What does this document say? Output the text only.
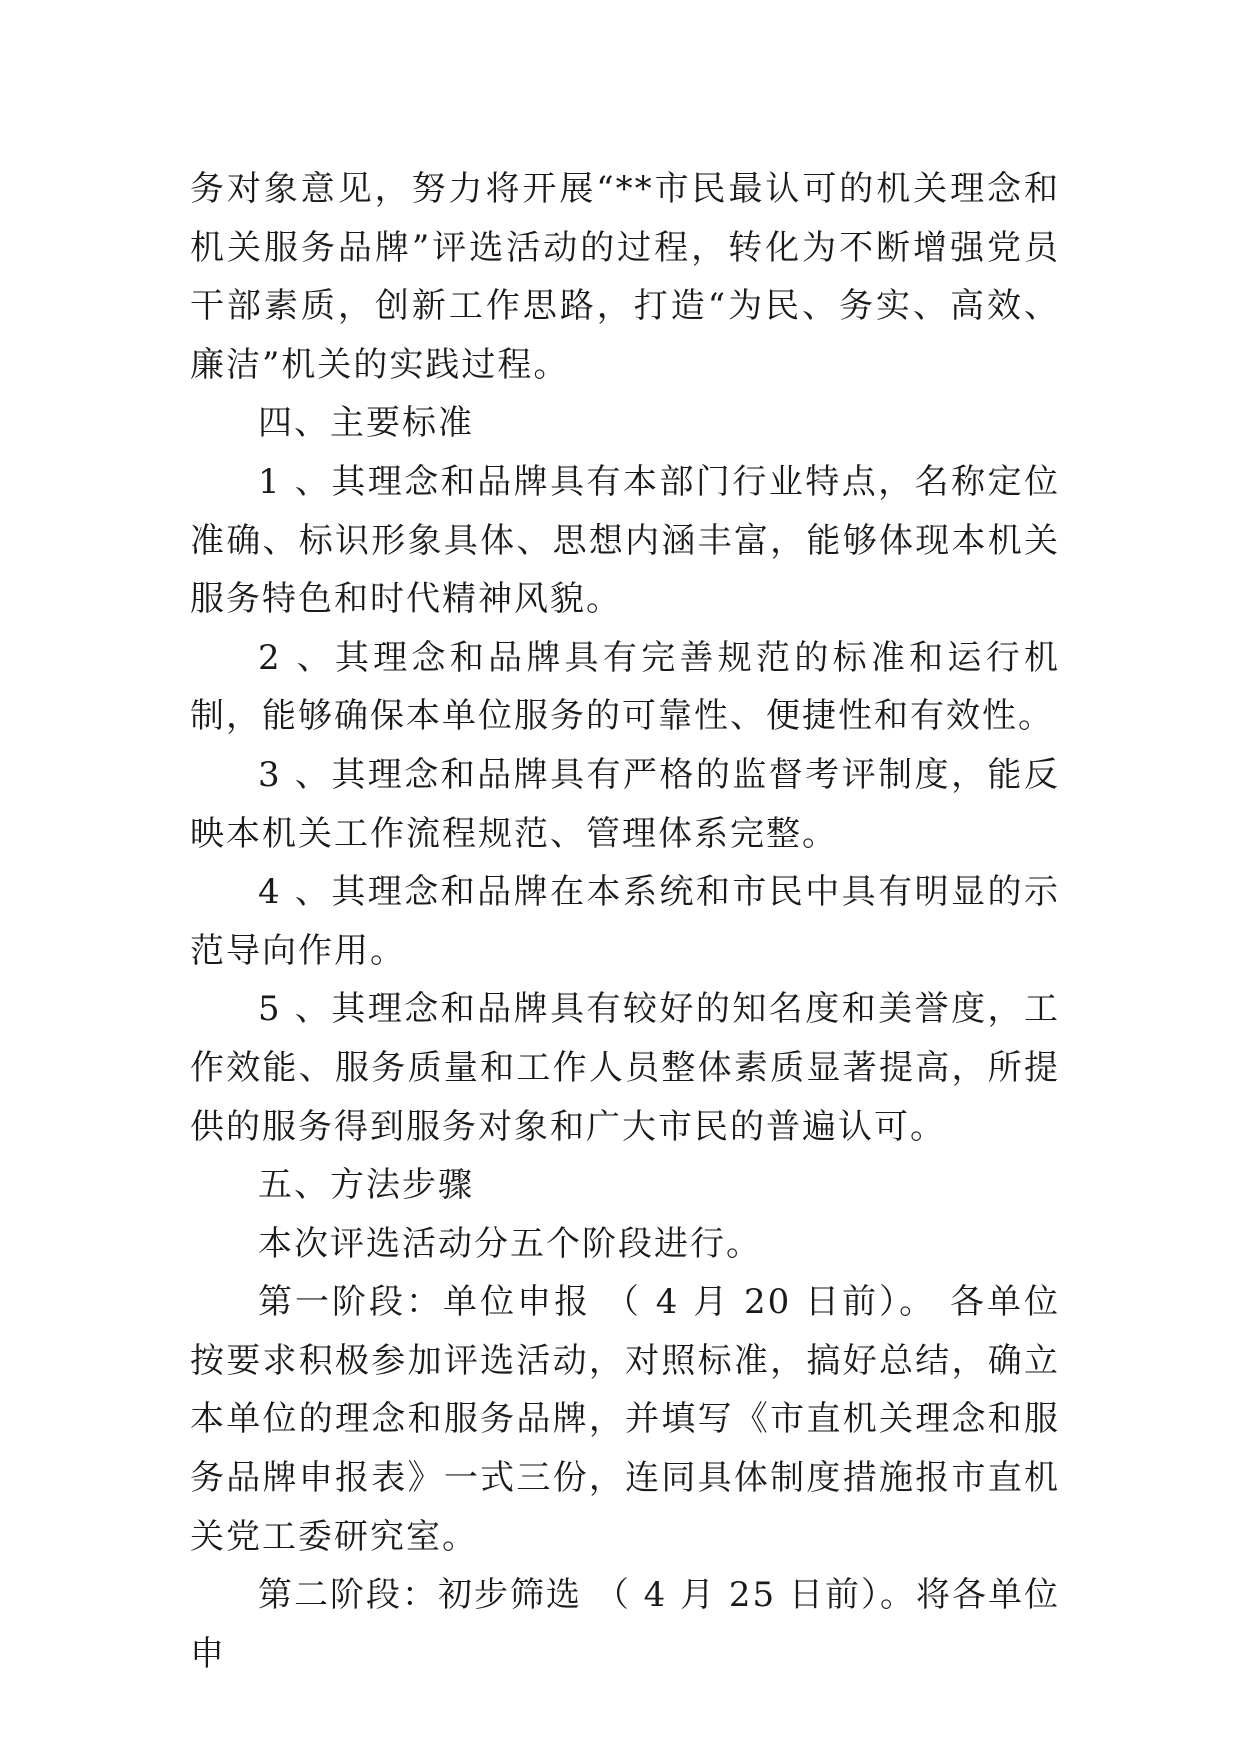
务对象意见，努力将开展“**市民最认可的机关理念和机关服务品牌”评选活动的过程，转化为不断增强党员干部素质，创新工作思路，打造“为民、务实、高效、廉洁”机关的实践过程。

四、主要标准

1 、其理念和品牌具有本部门行业特点，名称定位准确、标识形象具体、思想内涵丰富，能够体现本机关服务特色和时代精神风貌。

2 、其理念和品牌具有完善规范的标准和运行机制，能够确保本单位服务的可靠性、便捷性和有效性。

3 、其理念和品牌具有严格的监督考评制度，能反映本机关工作流程规范、管理体系完整。

4 、其理念和品牌在本系统和市民中具有明显的示范导向作用。

5 、其理念和品牌具有较好的知名度和美誉度，工作效能、服务质量和工作人员整体素质显著提高，所提供的服务得到服务对象和广大市民的普遍认可。

五、方法步骤

本次评选活动分五个阶段进行。

第一阶段：单位申报 （ 4 月 20 日前）。 各单位按要求积极参加评选活动，对照标准，搞好总结，确立本单位的理念和服务品牌，并填写《市直机关理念和服务品牌申报表》一式三份，连同具体制度措施报市直机关党工委研究室。

第二阶段：初步筛选 （ 4 月 25 日前）。将各单位申
